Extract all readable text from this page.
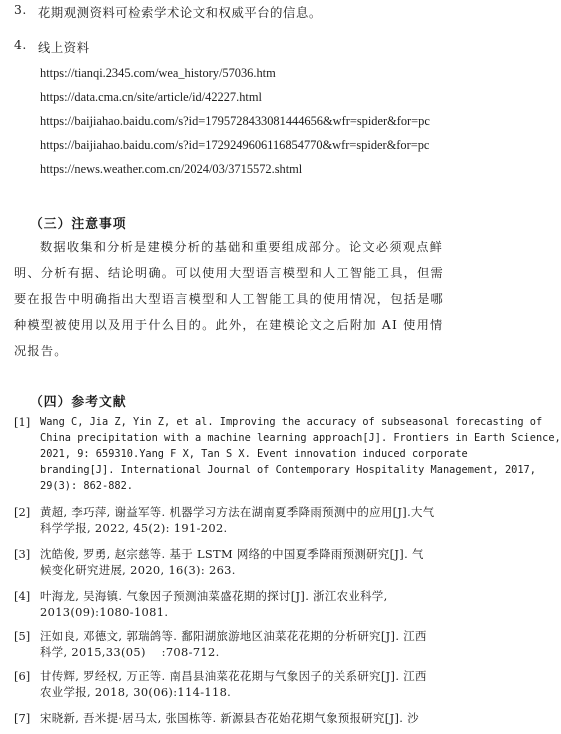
3. 花期观测资料可检索学术论文和权威平台的信息。
4. 线上资料
https://tianqi.2345.com/wea_history/57036.htm
https://data.cma.cn/site/article/id/42227.html
https://baijiahao.baidu.com/s?id=1795728433081444656&wfr=spider&for=pc
https://baijiahao.baidu.com/s?id=1729249606116854770&wfr=spider&for=pc
https://news.weather.com.cn/2024/03/3715572.shtml
（三）注意事项
数据收集和分析是建模分析的基础和重要组成部分。论文必须观点鲜
明、分析有据、结论明确。可以使用大型语言模型和人工智能工具，但需
要在报告中明确指出大型语言模型和人工智能工具的使用情况，包括是哪
种模型被使用以及用于什么目的。此外，在建模论文之后附加 AI 使用情
况报告。
（四）参考文献
[1] Wang C, Jia Z, Yin Z, et al. Improving the accuracy of subseasonal forecasting of
China precipitation with a machine learning approach[J]. Frontiers in Earth Science,
2021, 9: 659310.Yang F X, Tan S X. Event innovation induced corporate
branding[J]. International Journal of Contemporary Hospitality Management, 2017,
29(3): 862-882.
[2] 黄超, 李巧萍, 谢益军等. 机器学习方法在湖南夏季降雨预测中的应用[J].大气
科学学报, 2022, 45(2): 191-202.
[3] 沈皓俊, 罗勇, 赵宗慈等. 基于 LSTM 网络的中国夏季降雨预测研究[J]. 气
候变化研究进展, 2020, 16(3): 263.
[4] 叶海龙, 吴海镇. 气象因子预测油菜盛花期的探讨[J]. 浙江农业科学,
2013(09):1080-1081.
[5] 汪如良, 邓德文, 郭瑞鸽等. 鄱阳湖旅游地区油菜花花期的分析研究[J]. 江西
科学, 2015,33(05)    :708-712.
[6] 甘传辉, 罗经权, 万正等. 南昌县油菜花花期与气象因子的关系研究[J]. 江西
农业学报, 2018, 30(06):114-118.
[7] 宋晓新, 吾米提·居马太, 张国栋等. 新源县杏花始花期气象预报研究[J]. 沙
